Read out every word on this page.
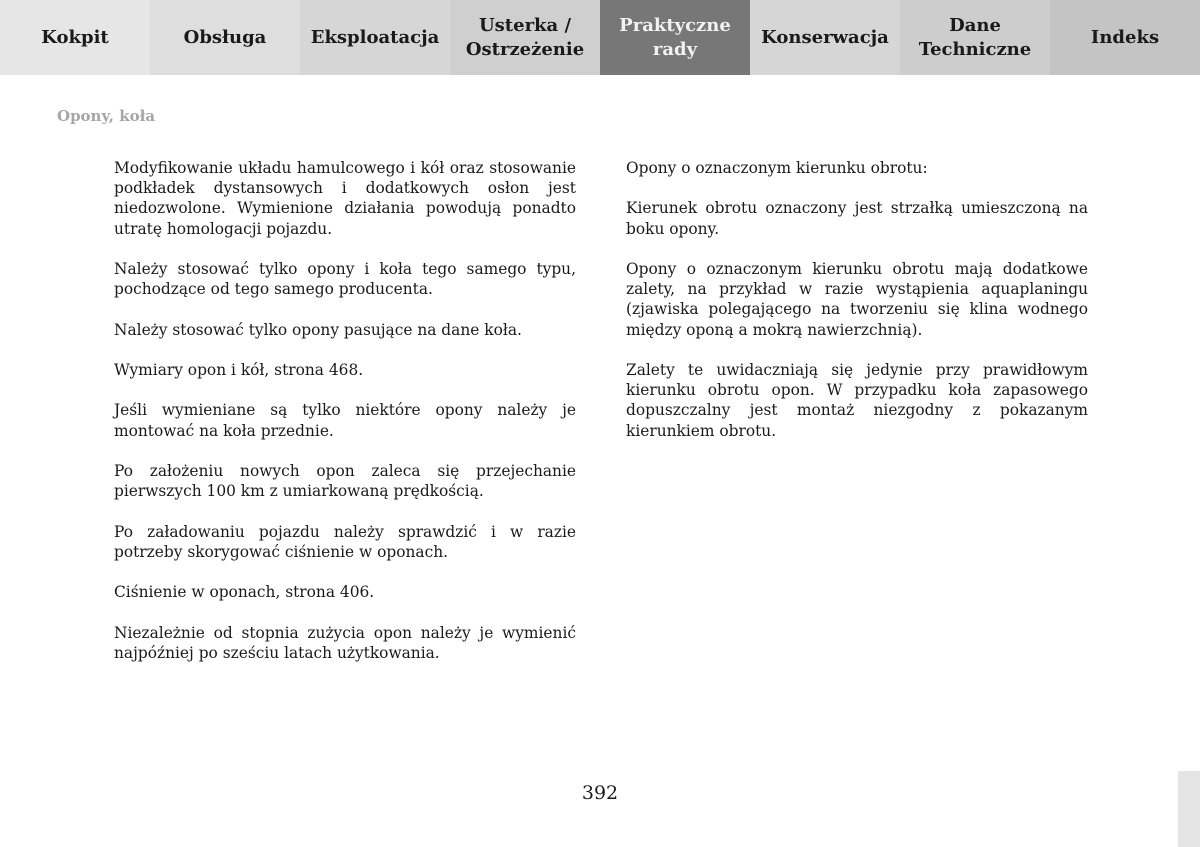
Kokpit	Obsługa	Eksploatacja
Usterka /
Ostrzeżenie
Praktyczne
rady
Konserwacja
Dane
Techniczne
Indeks
Opony, koła

Modyfikowanie układu hamulcowego i kół oraz stosowanie podkładek dystansowych i dodatkowych osłon jest niedozwolone. Wymienione działania powodują ponadto utratę homologacji pojazdu.

Należy stosować tylko opony i koła tego samego typu, pochodzące od tego samego producenta.

Należy stosować tylko opony pasujące na dane koła.

Wymiary opon i kół, strona 468.

Jeśli wymieniane są tylko niektóre opony należy je montować na koła przednie.

Po założeniu nowych opon zaleca się przejechanie pierwszych 100 km z umiarkowaną prędkością.

Po załadowaniu pojazdu należy sprawdzić i w razie potrzeby skorygować ciśnienie w oponach.

Ciśnienie w oponach, strona 406.

Niezależnie od stopnia zużycia opon należy je wymienić najpóźniej po sześciu latach użytkowania.

Opony o oznaczonym kierunku obrotu:

Kierunek obrotu oznaczony jest strzałką umieszczoną na boku opony.

Opony o oznaczonym kierunku obrotu mają dodatkowe zalety, na przykład w razie wystąpienia aquaplaningu (zjawiska polegającego na tworzeniu się klina wodnego między oponą a mokrą nawierzchnią).

Zalety te uwidaczniają się jedynie przy prawidłowym kierunku obrotu opon. W przypadku koła zapasowego dopuszczalny jest montaż niezgodny z pokazanym kierunkiem obrotu.

392
